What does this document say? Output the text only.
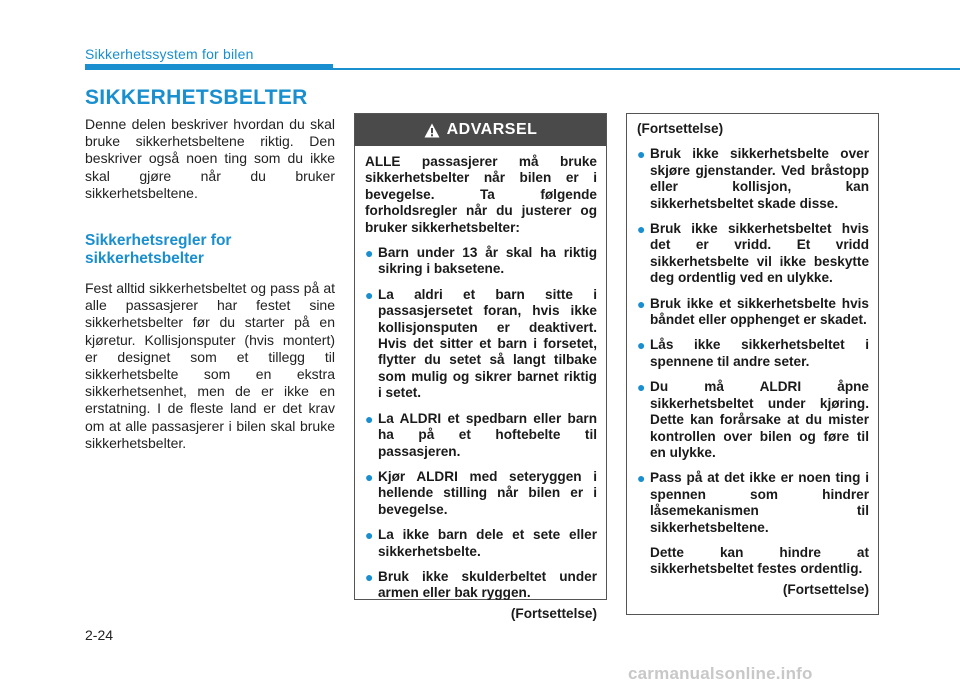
Sikkerhetssystem for bilen
SIKKERHETSBELTER

Denne delen beskriver hvordan du skal bruke sikkerhetsbeltene riktig. Den beskriver også noen ting som du ikke skal gjøre når du bruker sikkerhetsbeltene.

Sikkerhetsregler for sikkerhetsbelter

Fest alltid sikkerhetsbeltet og pass på at alle passasjerer har festet sine sikkerhetsbelter før du starter på en kjøretur. Kollisjonsputer (hvis montert) er designet som et tillegg til sikkerhetsbelte som en ekstra sikkerhetsenhet, men de er ikke en erstatning. I de fleste land er det krav om at alle passasjerer i bilen skal bruke sikkerhetsbelter.

ADVARSEL

ALLE passasjerer må bruke sikkerhetsbelter når bilen er i bevegelse. Ta følgende forholdsregler når du justerer og bruker sikkerhetsbelter:

● Barn under 13 år skal ha riktig sikring i baksetene.
● La aldri et barn sitte i passasjersetet foran, hvis ikke kollisjonsputen er deaktivert. Hvis det sitter et barn i forsetet, flytter du setet så langt tilbake som mulig og sikrer barnet riktig i setet.
● La ALDRI et spedbarn eller barn ha på et hoftebelte til passasjeren.
● Kjør ALDRI med seteryggen i hellende stilling når bilen er i bevegelse.
● La ikke barn dele et sete eller sikkerhetsbelte.
● Bruk ikke skulderbeltet under armen eller bak ryggen.
(Fortsettelse)

(Fortsettelse)

● Bruk ikke sikkerhetsbelte over skjøre gjenstander. Ved bråstopp eller kollisjon, kan sikkerhetsbeltet skade disse.
● Bruk ikke sikkerhetsbeltet hvis det er vridd. Et vridd sikkerhetsbelte vil ikke beskytte deg ordentlig ved en ulykke.
● Bruk ikke et sikkerhetsbelte hvis båndet eller opphenget er skadet.
● Lås ikke sikkerhetsbeltet i spennene til andre seter.
● Du må ALDRI åpne sikkerhetsbeltet under kjøring. Dette kan forårsake at du mister kontrollen over bilen og føre til en ulykke.
● Pass på at det ikke er noen ting i spennen som hindrer låsemekanismen til sikkerhetsbeltene.

Dette kan hindre at sikkerhetsbeltet festes ordentlig.

(Fortsettelse)
2-24
carmanualsonline.info
